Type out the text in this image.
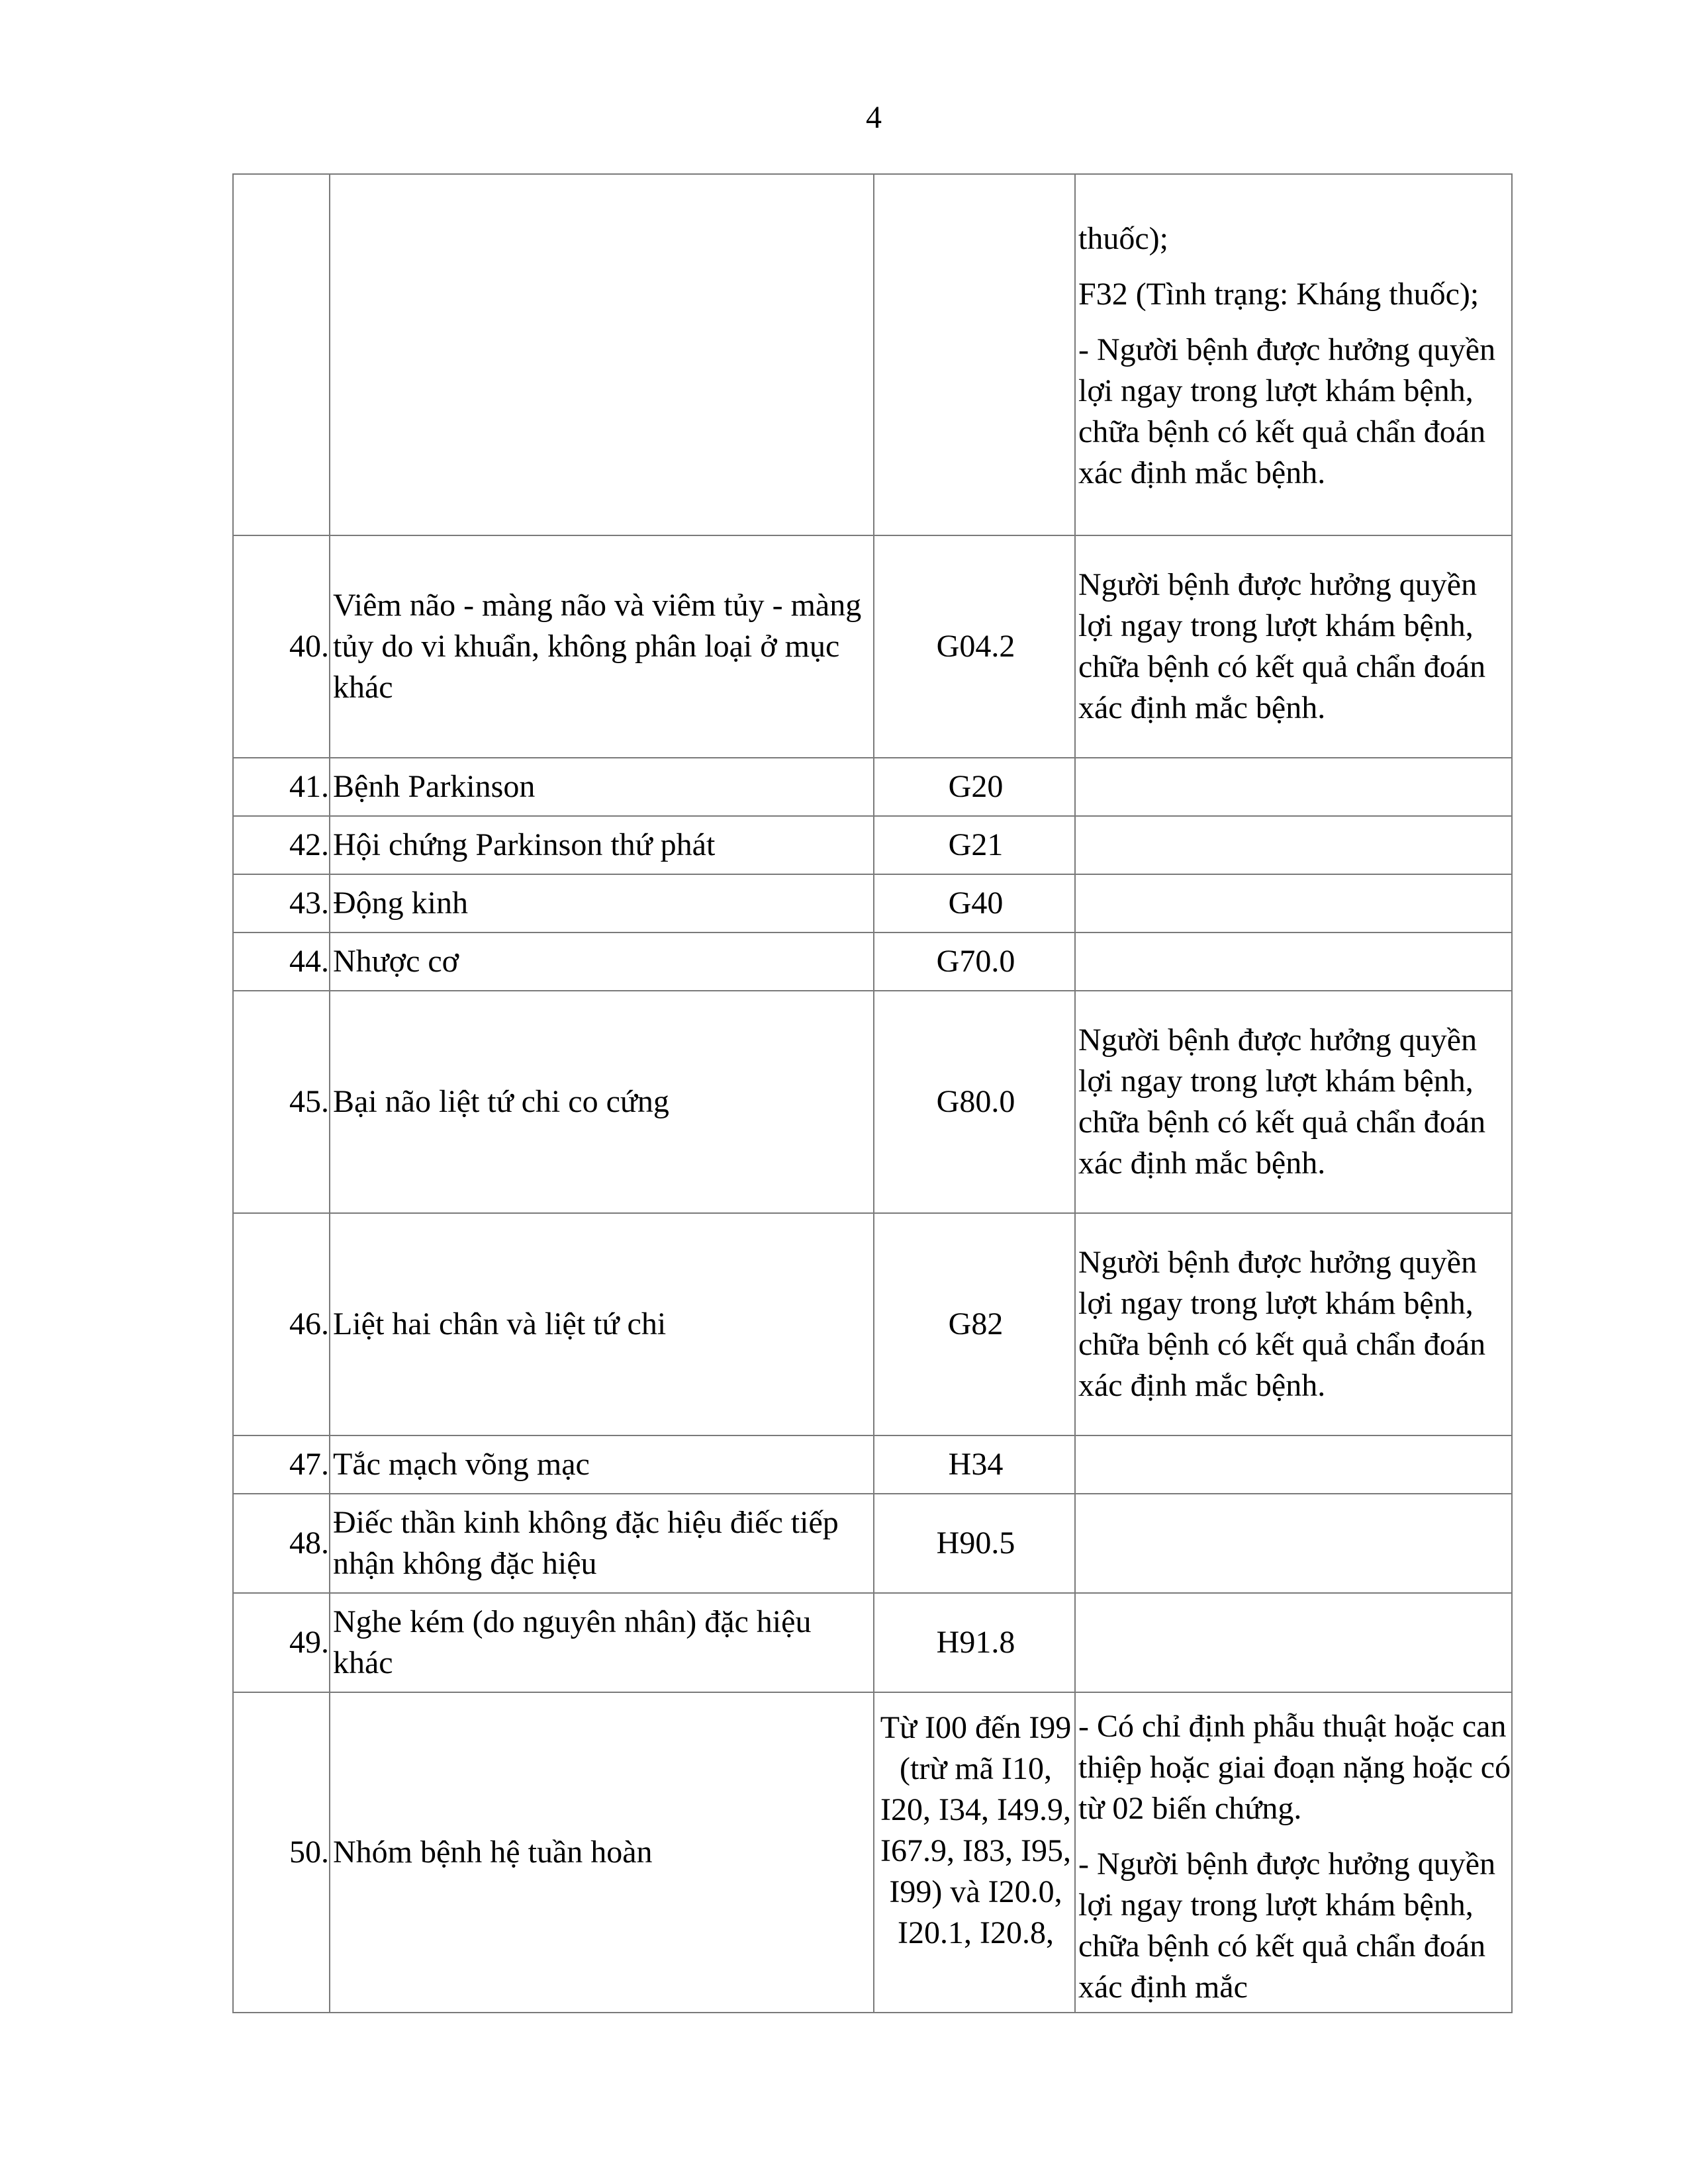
4

			thuốc);

F32 (Tình trạng: Kháng thuốc);

- Người bệnh được hưởng quyền lợi ngay trong lượt khám bệnh, chữa bệnh có kết quả chẩn đoán xác định mắc bệnh.

40.	Viêm não - màng não và viêm tủy - màng tủy do vi khuẩn, không phân loại ở mục khác	G04.2	Người bệnh được hưởng quyền lợi ngay trong lượt khám bệnh, chữa bệnh có kết quả chẩn đoán xác định mắc bệnh.

41.	Bệnh Parkinson	G20	
42.	Hội chứng Parkinson thứ phát	G21	
43.	Động kinh	G40	
44.	Nhược cơ	G70.0	
45.	Bại não liệt tứ chi co cứng	G80.0	Người bệnh được hưởng quyền lợi ngay trong lượt khám bệnh, chữa bệnh có kết quả chẩn đoán xác định mắc bệnh.

46.	Liệt hai chân và liệt tứ chi	G82	Người bệnh được hưởng quyền lợi ngay trong lượt khám bệnh, chữa bệnh có kết quả chẩn đoán xác định mắc bệnh.

47.	Tắc mạch võng mạc	H34	
48.	Điếc thần kinh không đặc hiệu điếc tiếp nhận không đặc hiệu	H90.5	
49.	Nghe kém (do nguyên nhân) đặc hiệu khác	H91.8	
50.	Nhóm bệnh hệ tuần hoàn	Từ I00 đến I99 (trừ mã I10, I20, I34, I49.9, I67.9, I83, I95, I99) và I20.0, I20.1, I20.8,	- Có chỉ định phẫu thuật hoặc can thiệp hoặc giai đoạn nặng hoặc có từ 02 biến chứng.

- Người bệnh được hưởng quyền lợi ngay trong lượt khám bệnh, chữa bệnh có kết quả chẩn đoán xác định mắc
